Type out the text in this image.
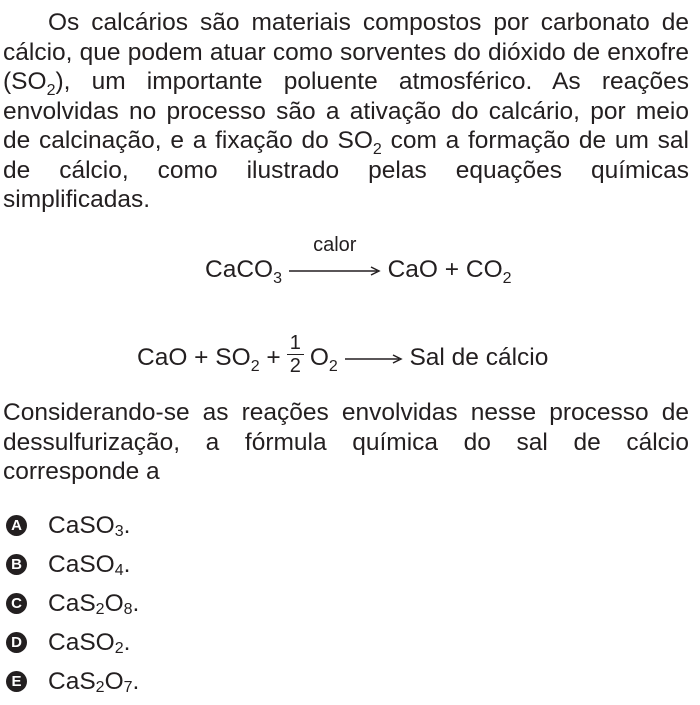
Os calcários são materiais compostos por carbonato de cálcio, que podem atuar como sorventes do dióxido de enxofre $(SO_2)$, um importante poluente atmosférico. As reações envolvidas no processo são a ativação do calcário, por meio de calcinação, e a fixação do $SO_2$ com a formação de um sal de cálcio, como ilustrado pelas equações químicas simplificadas.

CaCO$_3$
calor
CaO + $CO_2$
CaO + $SO_2 + \frac{1}{2} O_2$	Sal de cálcio

Considerando-se as reações envolvidas nesse processo de dessulfurização, a fórmula química do sal de cálcio corresponde a

A CaSO 3 .
B CaSO 4 .
C CaS 2 O 8 .
D CaSO 2 .
E CaS 2 O 7 .
